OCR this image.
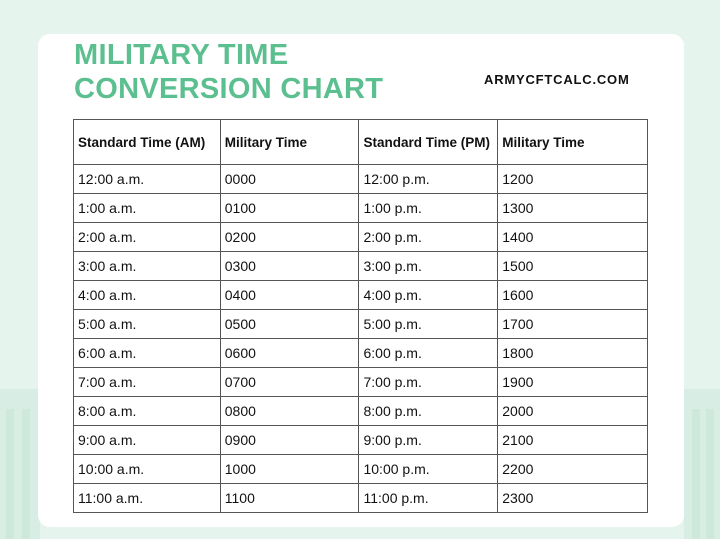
MILITARY TIME
CONVERSION CHART	ARMYCFTCALC.COM
Standard Time (AM)	Military Time	Standard Time (PM)	Military Time
12:00 a.m.	0000	12:00 p.m.	1200
1:00 a.m.	0100	1:00 p.m.	1300
2:00 a.m.	0200	2:00 p.m.	1400
3:00 a.m.	0300	3:00 p.m.	1500
4:00 a.m.	0400	4:00 p.m.	1600
5:00 a.m.	0500	5:00 p.m.	1700
6:00 a.m.	0600	6:00 p.m.	1800
7:00 a.m.	0700	7:00 p.m.	1900
8:00 a.m.	0800	8:00 p.m.	2000
9:00 a.m.	0900	9:00 p.m.	2100
10:00 a.m.	1000	10:00 p.m.	2200
11:00 a.m.	1100	11:00 p.m.	2300
